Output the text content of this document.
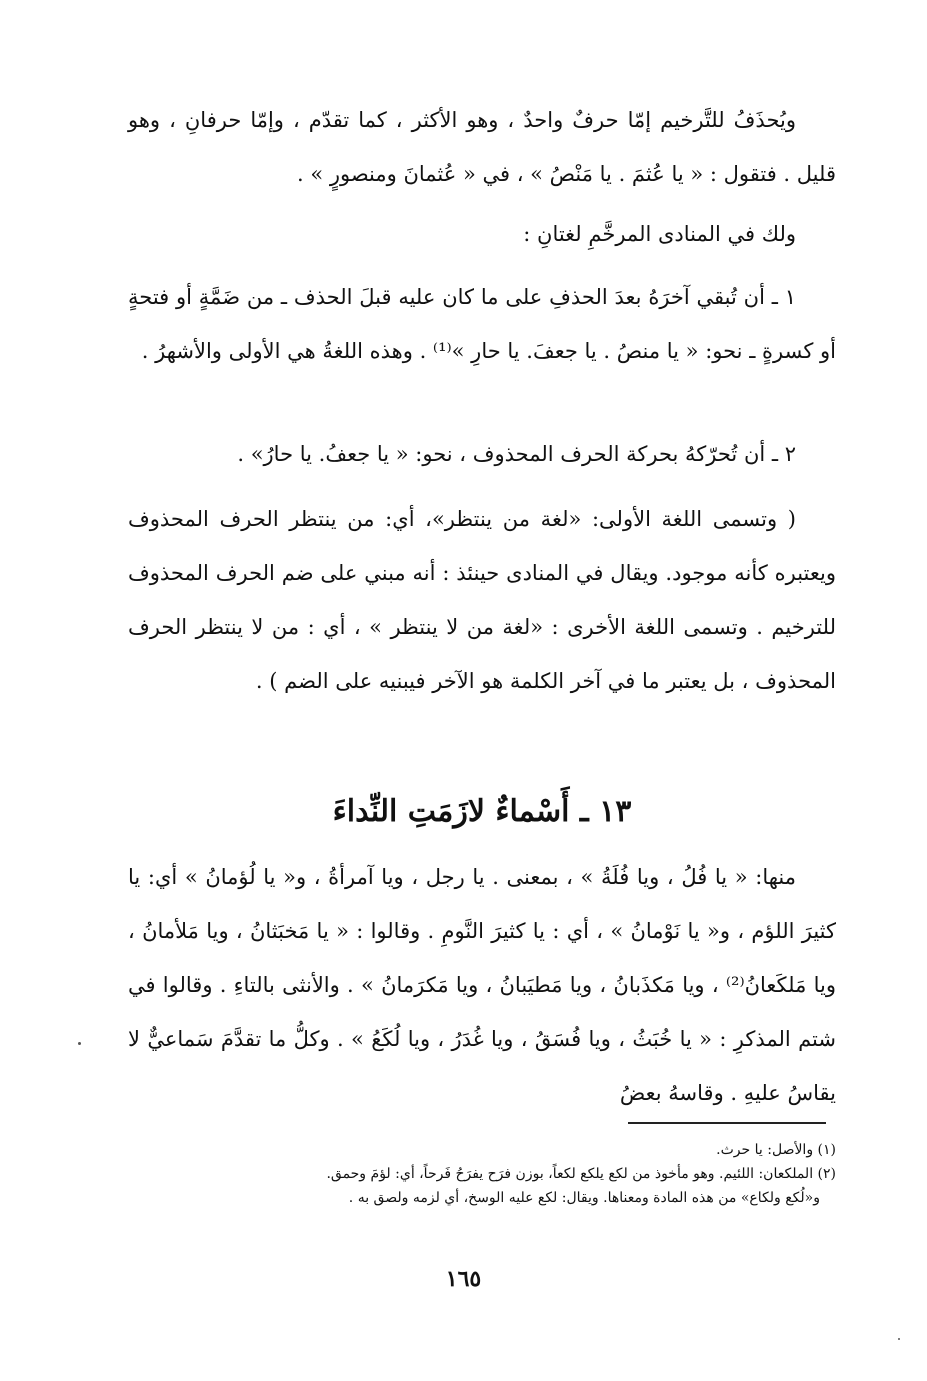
ويُحذَفُ للتَّرخيم إمّا حرفٌ واحدٌ ، وهو الأكثر ، كما تقدّم ، وإمّا حرفانِ ، وهو قليل . فتقول : « يا عُثمَ . يا مَنْصُ » ، في « عُثمانَ ومنصورٍ » .

ولك في المنادى المرخَّمِ لغتانِ :

١ ـ أن تُبقي آخرَهُ بعدَ الحذفِ على ما كان عليه قبلَ الحذف ـ من ضَمَّةٍ أو فتحةٍ أو كسرةٍ ـ نحو: « يا منصُ . يا جعفَ. يا حارِ »⁽¹⁾ . وهذه اللغةُ هي الأولى والأشهرُ .

٢ ـ أن تُحرّكهُ بحركة الحرف المحذوف ، نحو: « يا جعفُ. يا حارُ» .

( وتسمى اللغة الأولى: «لغة من ينتظر»، أي: من ينتظر الحرف المحذوف ويعتبره كأنه موجود. ويقال في المنادى حينئذ : أنه مبني على ضم الحرف المحذوف للترخيم . وتسمى اللغة الأخرى : «لغة من لا ينتظر » ، أي : من لا ينتظر الحرف المحذوف ، بل يعتبر ما في آخر الكلمة هو الآخر فيبنيه على الضم ) .

١٣ ـ أَسْماءٌ لازَمَتِ النِّداءَ

منها: « يا فُلُ ، ويا فُلَةُ » ، بمعنى . يا رجل ، ويا آمرأةُ ، و« يا لُؤمانُ » أي: يا كثيرَ اللؤم ، و« يا نَوْمانُ » ، أي : يا كثيرَ النَّومِ . وقالوا : « يا مَخبَثانُ ، ويا مَلأمانُ ، ويا مَلكَعانُ⁽²⁾ ، ويا مَكذَبانُ ، ويا مَطيَبانُ ، ويا مَكرَمانُ » . والأنثى بالتاءِ . وقالوا في شتم المذكرِ : « يا خُبَثُ ، ويا فُسَقُ ، ويا غُدَرُ ، ويا لُكَعُ » . وكلُّ ما تقدَّمَ سَماعيٌّ لا يقاسُ عليهِ . وقاسهُ بعضُ

(١) والأصل: يا حرث.

(٢) الملكعان: اللئيم. وهو مأخوذ من لكع يلكع لكعاً، بوزن فرَح يفرَحُ فَرحاً، أي: لؤمَ وحمق.

و«لُكع ولكاع» من هذه المادة ومعناها. ويقال: لكع عليه الوسخ، أي لزمه ولصق به .

١٦٥
